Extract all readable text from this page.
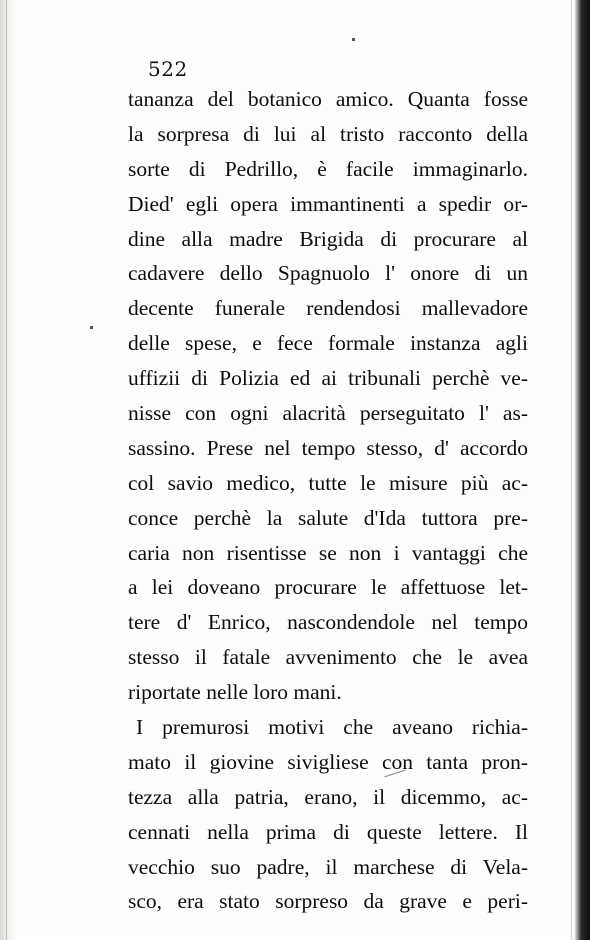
522
tananza del botanico amico. Quanta fosse
la sorpresa di lui al tristo racconto della
sorte di Pedrillo, è facile immaginarlo.
Died' egli opera immantinenti a spedir or-
dine alla madre Brigida di procurare al
cadavere dello Spagnuolo l' onore di un
decente funerale rendendosi mallevadore
delle spese, e fece formale instanza agli
uffizii di Polizia ed ai tribunali perchè ve-
nisse con ogni alacrità perseguitato l' as-
sassino. Prese nel tempo stesso, d' accordo
col savio medico, tutte le misure più ac-
conce perchè la salute d'Ida tuttora pre-
caria non risentisse se non i vantaggi che
a lei doveano procurare le affettuose let-
tere d' Enrico, nascondendole nel tempo
stesso il fatale avvenimento che le avea
riportate nelle loro mani.
I premurosi motivi che aveano richia-
mato il giovine sivigliese con tanta pron-
tezza alla patria, erano, il dicemmo, ac-
cennati nella prima di queste lettere. Il
vecchio suo padre, il marchese di Vela-
sco, era stato sorpreso da grave e peri-
